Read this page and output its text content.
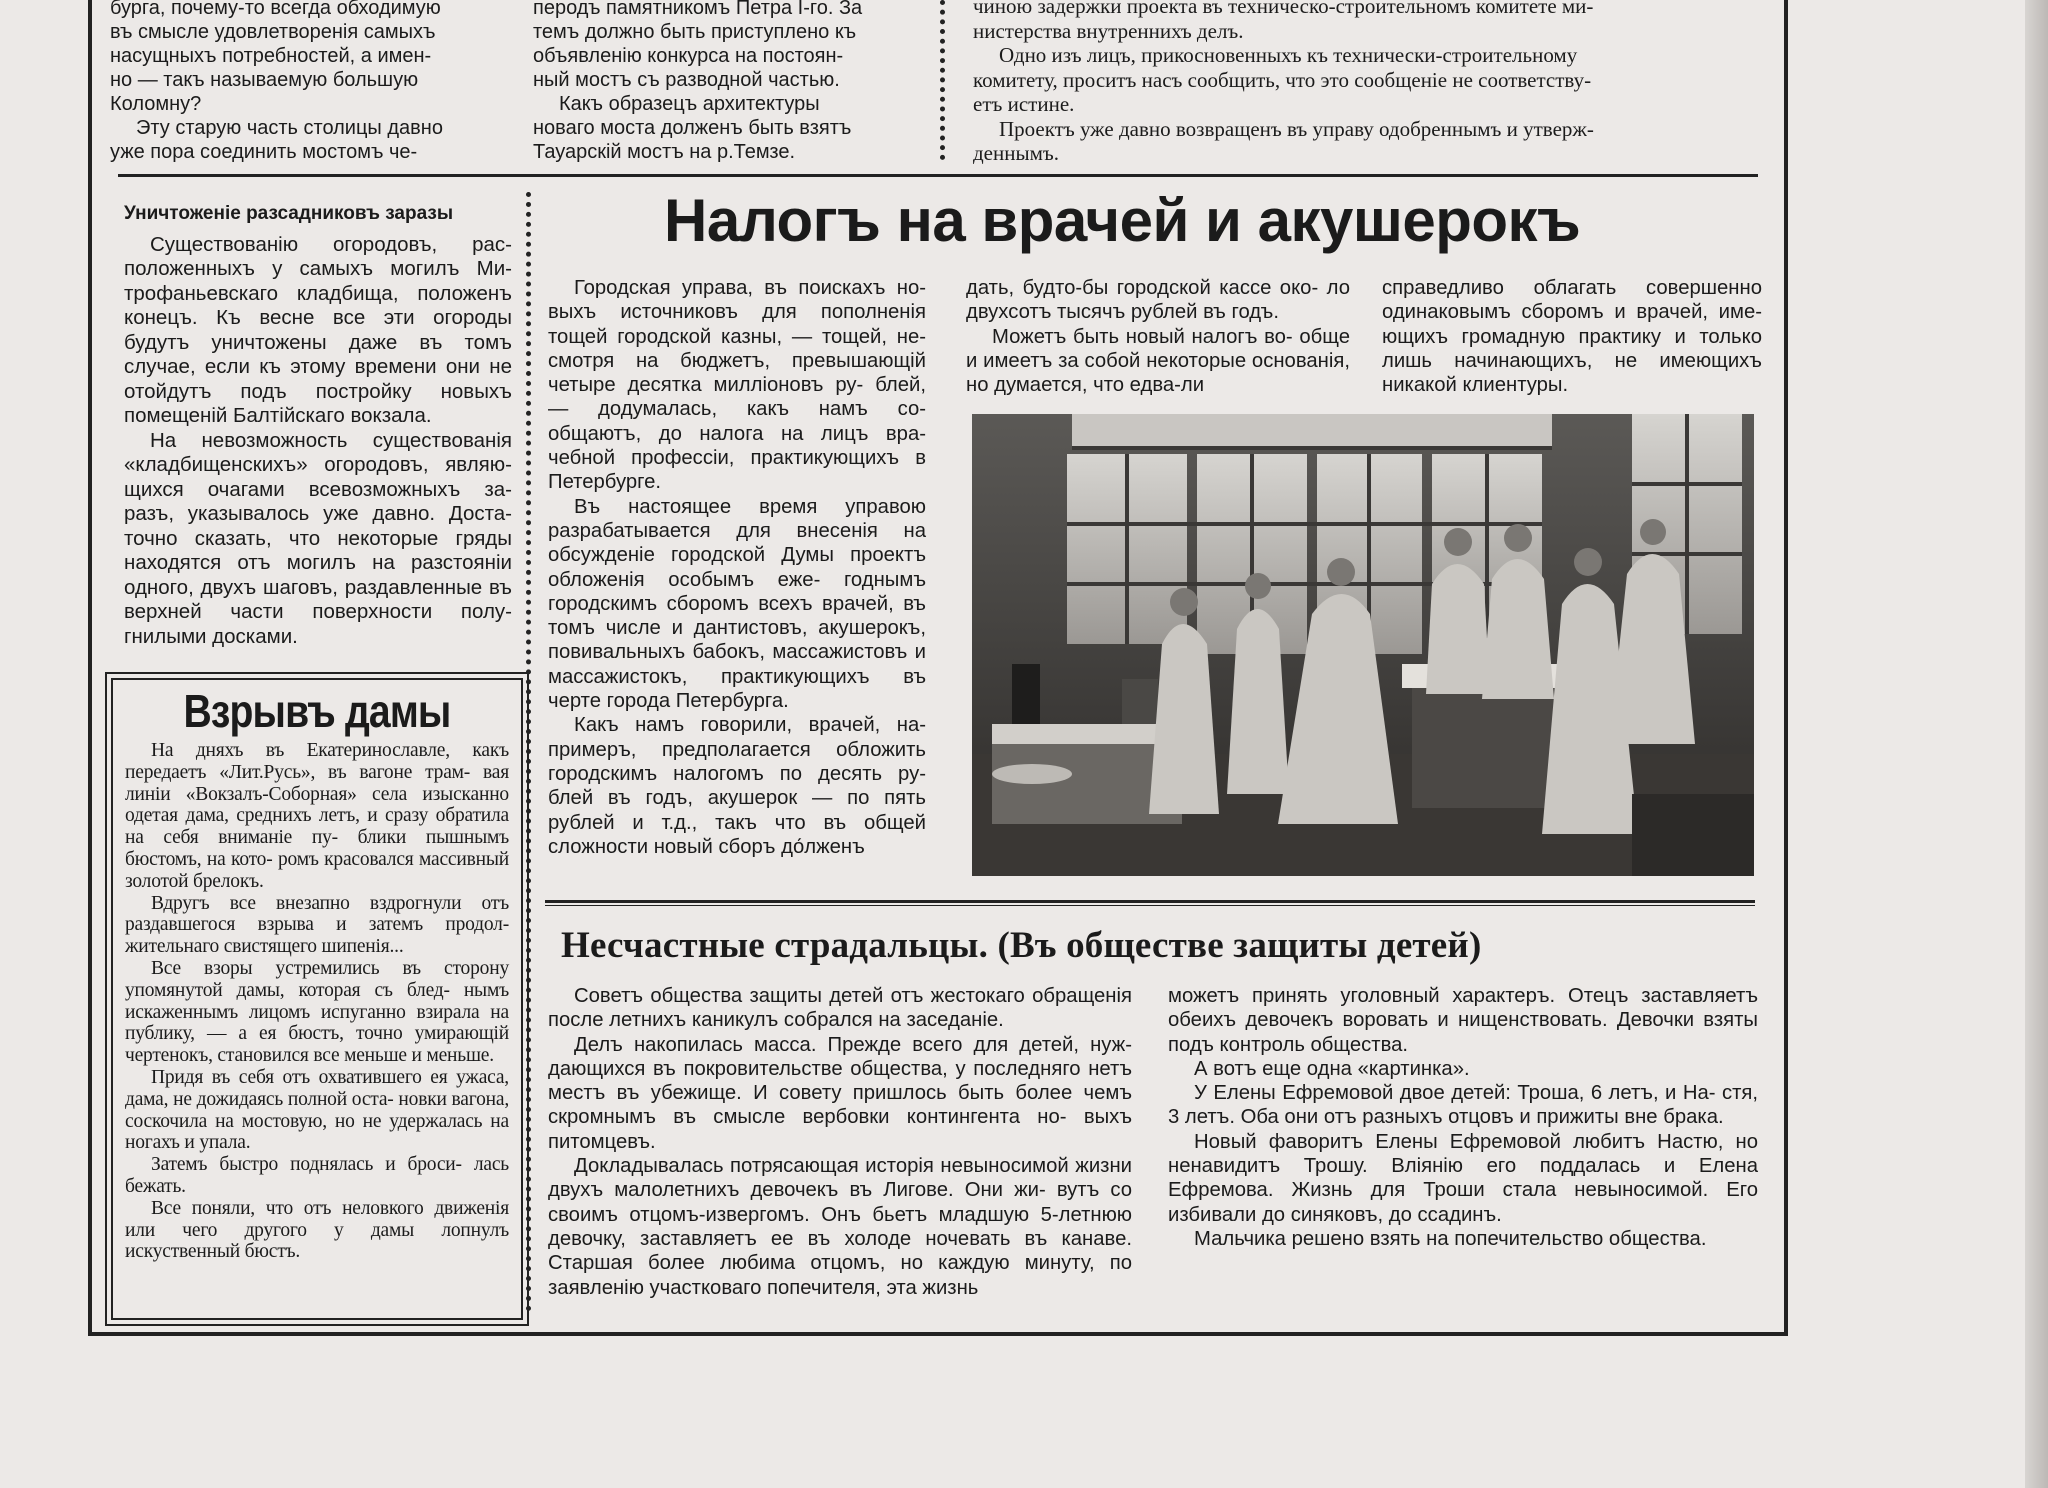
бурга, почему-то всегда обходимую

въ смысле удовлетворенія самыхъ

насущныхъ потребностей, а имен-

но — такъ называемую большую

Коломну?

Эту старую часть столицы давно

уже пора соединить мостомъ че-

перодъ памятникомъ Петра I-го. За

темъ должно быть приступлено къ

объявленію конкурса на постоян-

ный мостъ съ разводной частью.

Какъ образецъ архитектуры

новаго моста долженъ быть взятъ

Тауарскій мостъ на р.Темзе.

чиною задержки проекта въ техническо-строительномъ комитете ми-

нистерства внутреннихъ делъ.

Одно изъ лицъ, прикосновенныхъ къ технически-строительному

комитету, проситъ насъ сообщить, что это сообщеніе не соответству-

етъ истине.

Проектъ уже давно возвращенъ въ управу одобреннымъ и утверж-

деннымъ.

Уничтоженіе разсадниковъ заразы

Существованію огородовъ, рас- положенныхъ у самыхъ могилъ Ми- трофаньевскаго кладбища, положенъ конецъ. Къ весне все эти огороды будутъ уничтожены даже въ томъ случае, если къ этому времени они не отойдутъ подъ постройку новыхъ помещеній Балтійскаго вокзала.

На невозможность существованія «кладбищенскихъ» огородовъ, являю- щихся очагами всевозможныхъ за- разъ, указывалось уже давно. Доста- точно сказать, что некоторые гряды находятся отъ могилъ на разстояніи одного, двухъ шаговъ, раздавленные въ верхней части поверхности полу- гнилыми досками.

Взрывъ дамы

На дняхъ въ Екатеринославле, какъ передаетъ «Лит.Русь», въ вагоне трам- вая линіи «Вокзалъ-Соборная» села изысканно одетая дама, среднихъ летъ, и сразу обратила на себя вниманіе пу- блики пышнымъ бюстомъ, на кото- ромъ красовался массивный золотой брелокъ.

Вдругъ все внезапно вздрогнули отъ раздавшегося взрыва и затемъ продол- жительнаго свистящего шипенія...

Все взоры устремились въ сторону упомянутой дамы, которая съ блед- нымъ искаженнымъ лицомъ испуганно взирала на публику, — а ея бюстъ, точно умирающій чертенокъ, становился все меньше и меньше.

Придя въ себя отъ охватившего ея ужаса, дама, не дожидаясь полной оста- новки вагона, соскочила на мостовую, но не удержалась на ногахъ и упала.

Затемъ быстро поднялась и броси- лась бежать.

Все поняли, что отъ неловкого движенія или чего другого у дамы лопнулъ искуственный бюстъ.

Налогъ на врачей и акушерокъ

Городская управа, въ поискахъ но- выхъ источниковъ для пополненія тощей городской казны, — тощей, не- смотря на бюджетъ, превышающій четыре десятка милліоновъ ру- блей, — додумалась, какъ намъ со- общаютъ, до налога на лицъ вра- чебной профессіи, практикующихъ в Петербурге.

Въ настоящее время управою разрабатывается для внесенія на обсужденіе городской Думы проектъ обложенія особымъ еже- годнымъ городскимъ сборомъ всехъ врачей, въ томъ числе и дантистовъ, акушерокъ, повивальныхъ бабокъ, массажистовъ и массажистокъ, практикующихъ въ черте города Петербурга.

Какъ намъ говорили, врачей, на- примеръ, предполагается обложить городскимъ налогомъ по десять ру- блей въ годъ, акушерок — по пять рублей и т.д., такъ что въ общей сложности новый сборъ до́лженъ

дать, будто-бы городской кассе око- ло двухсотъ тысячъ рублей въ годъ.

Можетъ быть новый налогъ во- обще и имеетъ за собой некоторые основанія, но думается, что едва-ли

справедливо облагать совершенно одинаковымъ сборомъ и врачей, име- ющихъ громадную практику и только лишь начинающихъ, не имеющихъ никакой клиентуры.

Несчастные страдальцы. (Въ обществе защиты детей)

Советъ общества защиты детей отъ жестокаго обращенія после летнихъ каникулъ собрался на заседаніе.

Делъ накопилась масса. Прежде всего для детей, нуж- дающихся въ покровительстве общества, у последняго нетъ местъ въ убежище. И совету пришлось быть более чемъ скромнымъ въ смысле вербовки контингента но- выхъ питомцевъ.

Докладывалась потрясающая исторія невыносимой жизни двухъ малолетнихъ девочекъ въ Лигове. Они жи- вутъ со своимъ отцомъ-извергомъ. Онъ бьетъ младшую 5-летнюю девочку, заставляетъ ее въ холоде ночевать въ канаве. Старшая более любима отцомъ, но каждую минуту, по заявленію участковаго попечителя, эта жизнь

можетъ принять уголовный характеръ. Отецъ заставляетъ обеихъ девочекъ воровать и нищенствовать. Девочки взяты подъ контроль общества.

А вотъ еще одна «картинка».

У Елены Ефремовой двое детей: Троша, 6 летъ, и На- стя, 3 летъ. Оба они отъ разныхъ отцовъ и прижиты вне брака.

Новый фаворитъ Елены Ефремовой любитъ Настю, но ненавидитъ Трошу. Вліянію его поддалась и Елена Ефремова. Жизнь для Троши стала невыносимой. Его избивали до синяковъ, до ссадинъ.

Мальчика решено взять на попечительство общества.
